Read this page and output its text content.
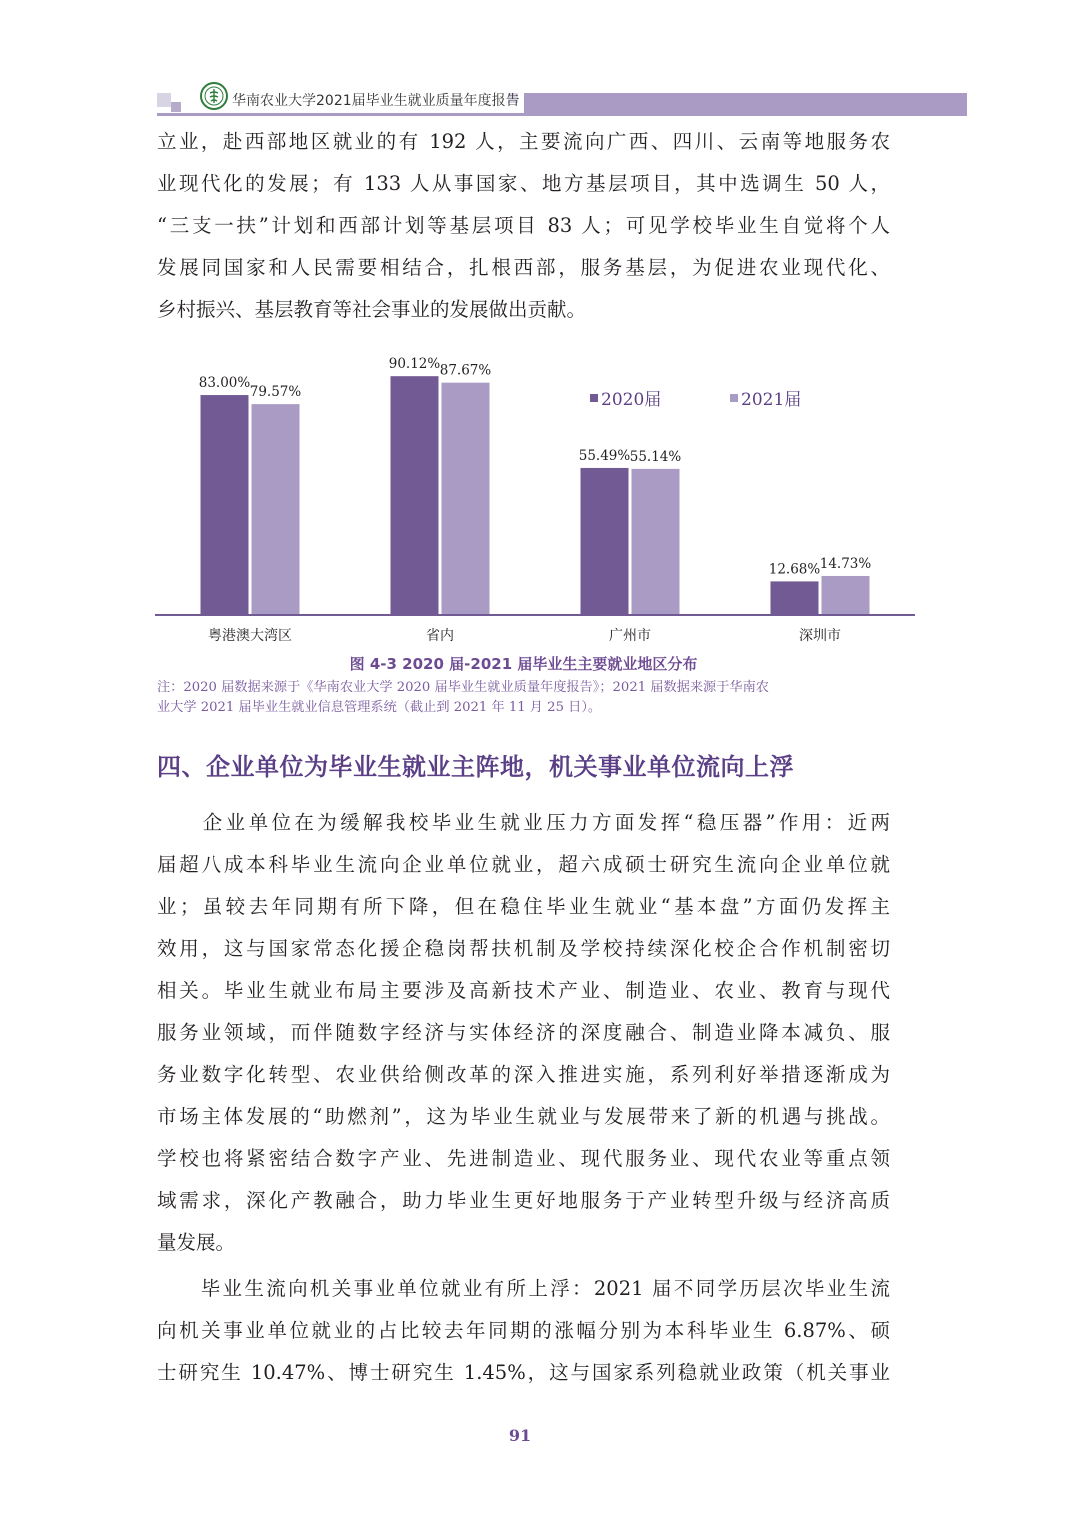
华南农业大学2021届毕业生就业质量年度报告
立业，赴西部地区就业的有 192 人，主要流向广西、四川、云南等地服务农
业现代化的发展；有 133 人从事国家、地方基层项目，其中选调生 50 人，
“三支一扶”计划和西部计划等基层项目 83 人；可见学校毕业生自觉将个人
发展同国家和人民需要相结合，扎根西部，服务基层，为促进农业现代化、
乡村振兴、基层教育等社会事业的发展做出贡献。
83.00%
79.57%
粤港澳大湾区
90.12% 87.67%
省内
55.49% 55.14%
广州市
12.68% 14.73%
深圳市
2020届	2021届
图 4-3 2020 届-2021 届毕业生主要就业地区分布
注：2020 届数据来源于《华南农业大学 2020 届毕业生就业质量年度报告》；2021 届数据来源于华南农
业大学 2021 届毕业生就业信息管理系统（截止到 2021 年 11 月 25 日）。
四、企业单位为毕业生就业主阵地，机关事业单位流向上浮
　　企业单位在为缓解我校毕业生就业压力方面发挥“稳压器”作用：近两
届超八成本科毕业生流向企业单位就业，超六成硕士研究生流向企业单位就
业；虽较去年同期有所下降，但在稳住毕业生就业“基本盘”方面仍发挥主
效用，这与国家常态化援企稳岗帮扶机制及学校持续深化校企合作机制密切
相关。毕业生就业布局主要涉及高新技术产业、制造业、农业、教育与现代
服务业领域，而伴随数字经济与实体经济的深度融合、制造业降本减负、服
务业数字化转型、农业供给侧改革的深入推进实施，系列利好举措逐渐成为
市场主体发展的“助燃剂”，这为毕业生就业与发展带来了新的机遇与挑战。
学校也将紧密结合数字产业、先进制造业、现代服务业、现代农业等重点领
域需求，深化产教融合，助力毕业生更好地服务于产业转型升级与经济高质
量发展。
　　毕业生流向机关事业单位就业有所上浮：2021 届不同学历层次毕业生流
向机关事业单位就业的占比较去年同期的涨幅分别为本科毕业生 6.87%、硕
士研究生 10.47%、博士研究生 1.45%，这与国家系列稳就业政策（机关事业
91
